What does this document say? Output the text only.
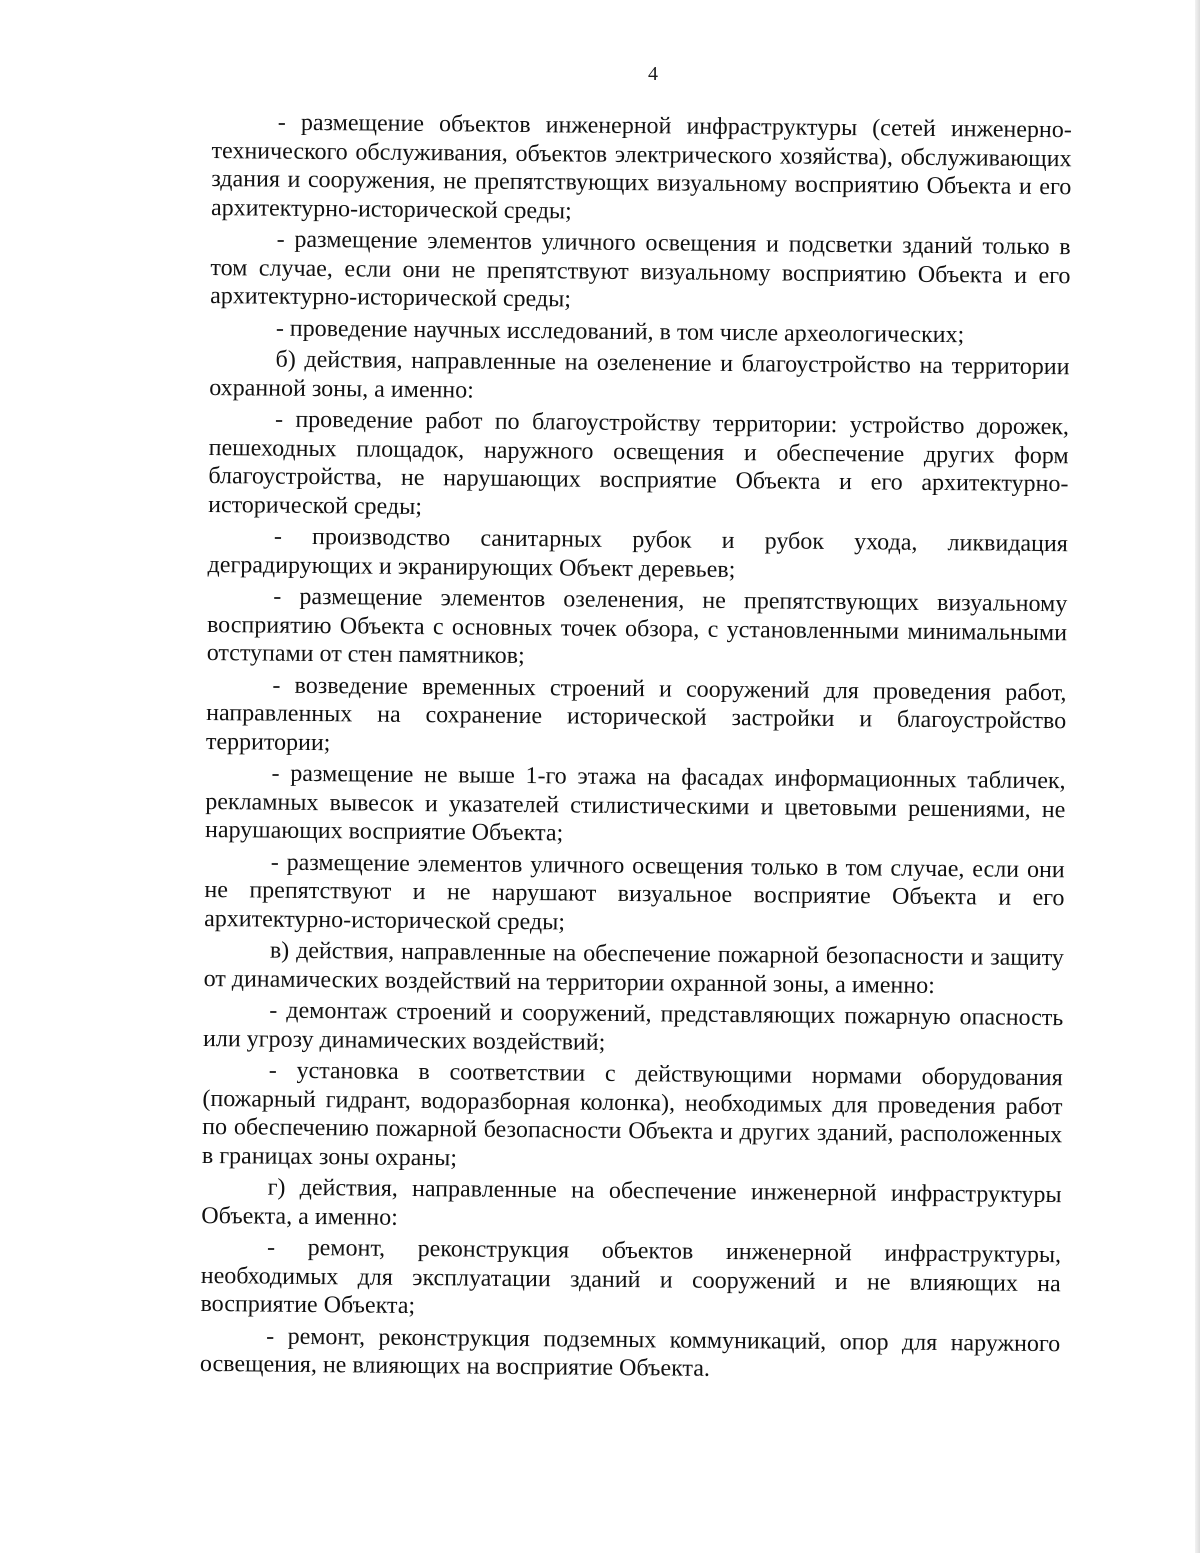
4

- размещение объектов инженерной инфраструктуры (сетей инженерно-технического обслуживания, объектов электрического хозяйства), обслуживающих здания и сооружения, не препятствующих визуальному восприятию Объекта и его архитектурно-исторической среды;

- размещение элементов уличного освещения и подсветки зданий только в том случае, если они не препятствуют визуальному восприятию Объекта и его архитектурно-исторической среды;

- проведение научных исследований, в том числе археологических;

б) действия, направленные на озеленение и благоустройство на территории охранной зоны, а именно:

- проведение работ по благоустройству территории: устройство дорожек, пешеходных площадок, наружного освещения и обеспечение других форм благоустройства, не нарушающих восприятие Объекта и его архитектурно-исторической среды;

- производство санитарных рубок и рубок ухода, ликвидация деградирующих и экранирующих Объект деревьев;

- размещение элементов озеленения, не препятствующих визуальному восприятию Объекта с основных точек обзора, с установленными минимальными отступами от стен памятников;

- возведение временных строений и сооружений для проведения работ, направленных на сохранение исторической застройки и благоустройство территории;

- размещение не выше 1-го этажа на фасадах информационных табличек, рекламных вывесок и указателей стилистическими и цветовыми решениями, не нарушающих восприятие Объекта;

- размещение элементов уличного освещения только в том случае, если они не препятствуют и не нарушают визуальное восприятие Объекта и его архитектурно-исторической среды;

в) действия, направленные на обеспечение пожарной безопасности и защиту от динамических воздействий на территории охранной зоны, а именно:

- демонтаж строений и сооружений, представляющих пожарную опасность или угрозу динамических воздействий;

- установка в соответствии с действующими нормами оборудования (пожарный гидрант, водоразборная колонка), необходимых для проведения работ по обеспечению пожарной безопасности Объекта и других зданий, расположенных в границах зоны охраны;

г) действия, направленные на обеспечение инженерной инфраструктуры Объекта, а именно:

- ремонт, реконструкция объектов инженерной инфраструктуры, необходимых для эксплуатации зданий и сооружений и не влияющих на восприятие Объекта;

- ремонт, реконструкция подземных коммуникаций, опор для наружного освещения, не влияющих на восприятие Объекта.
